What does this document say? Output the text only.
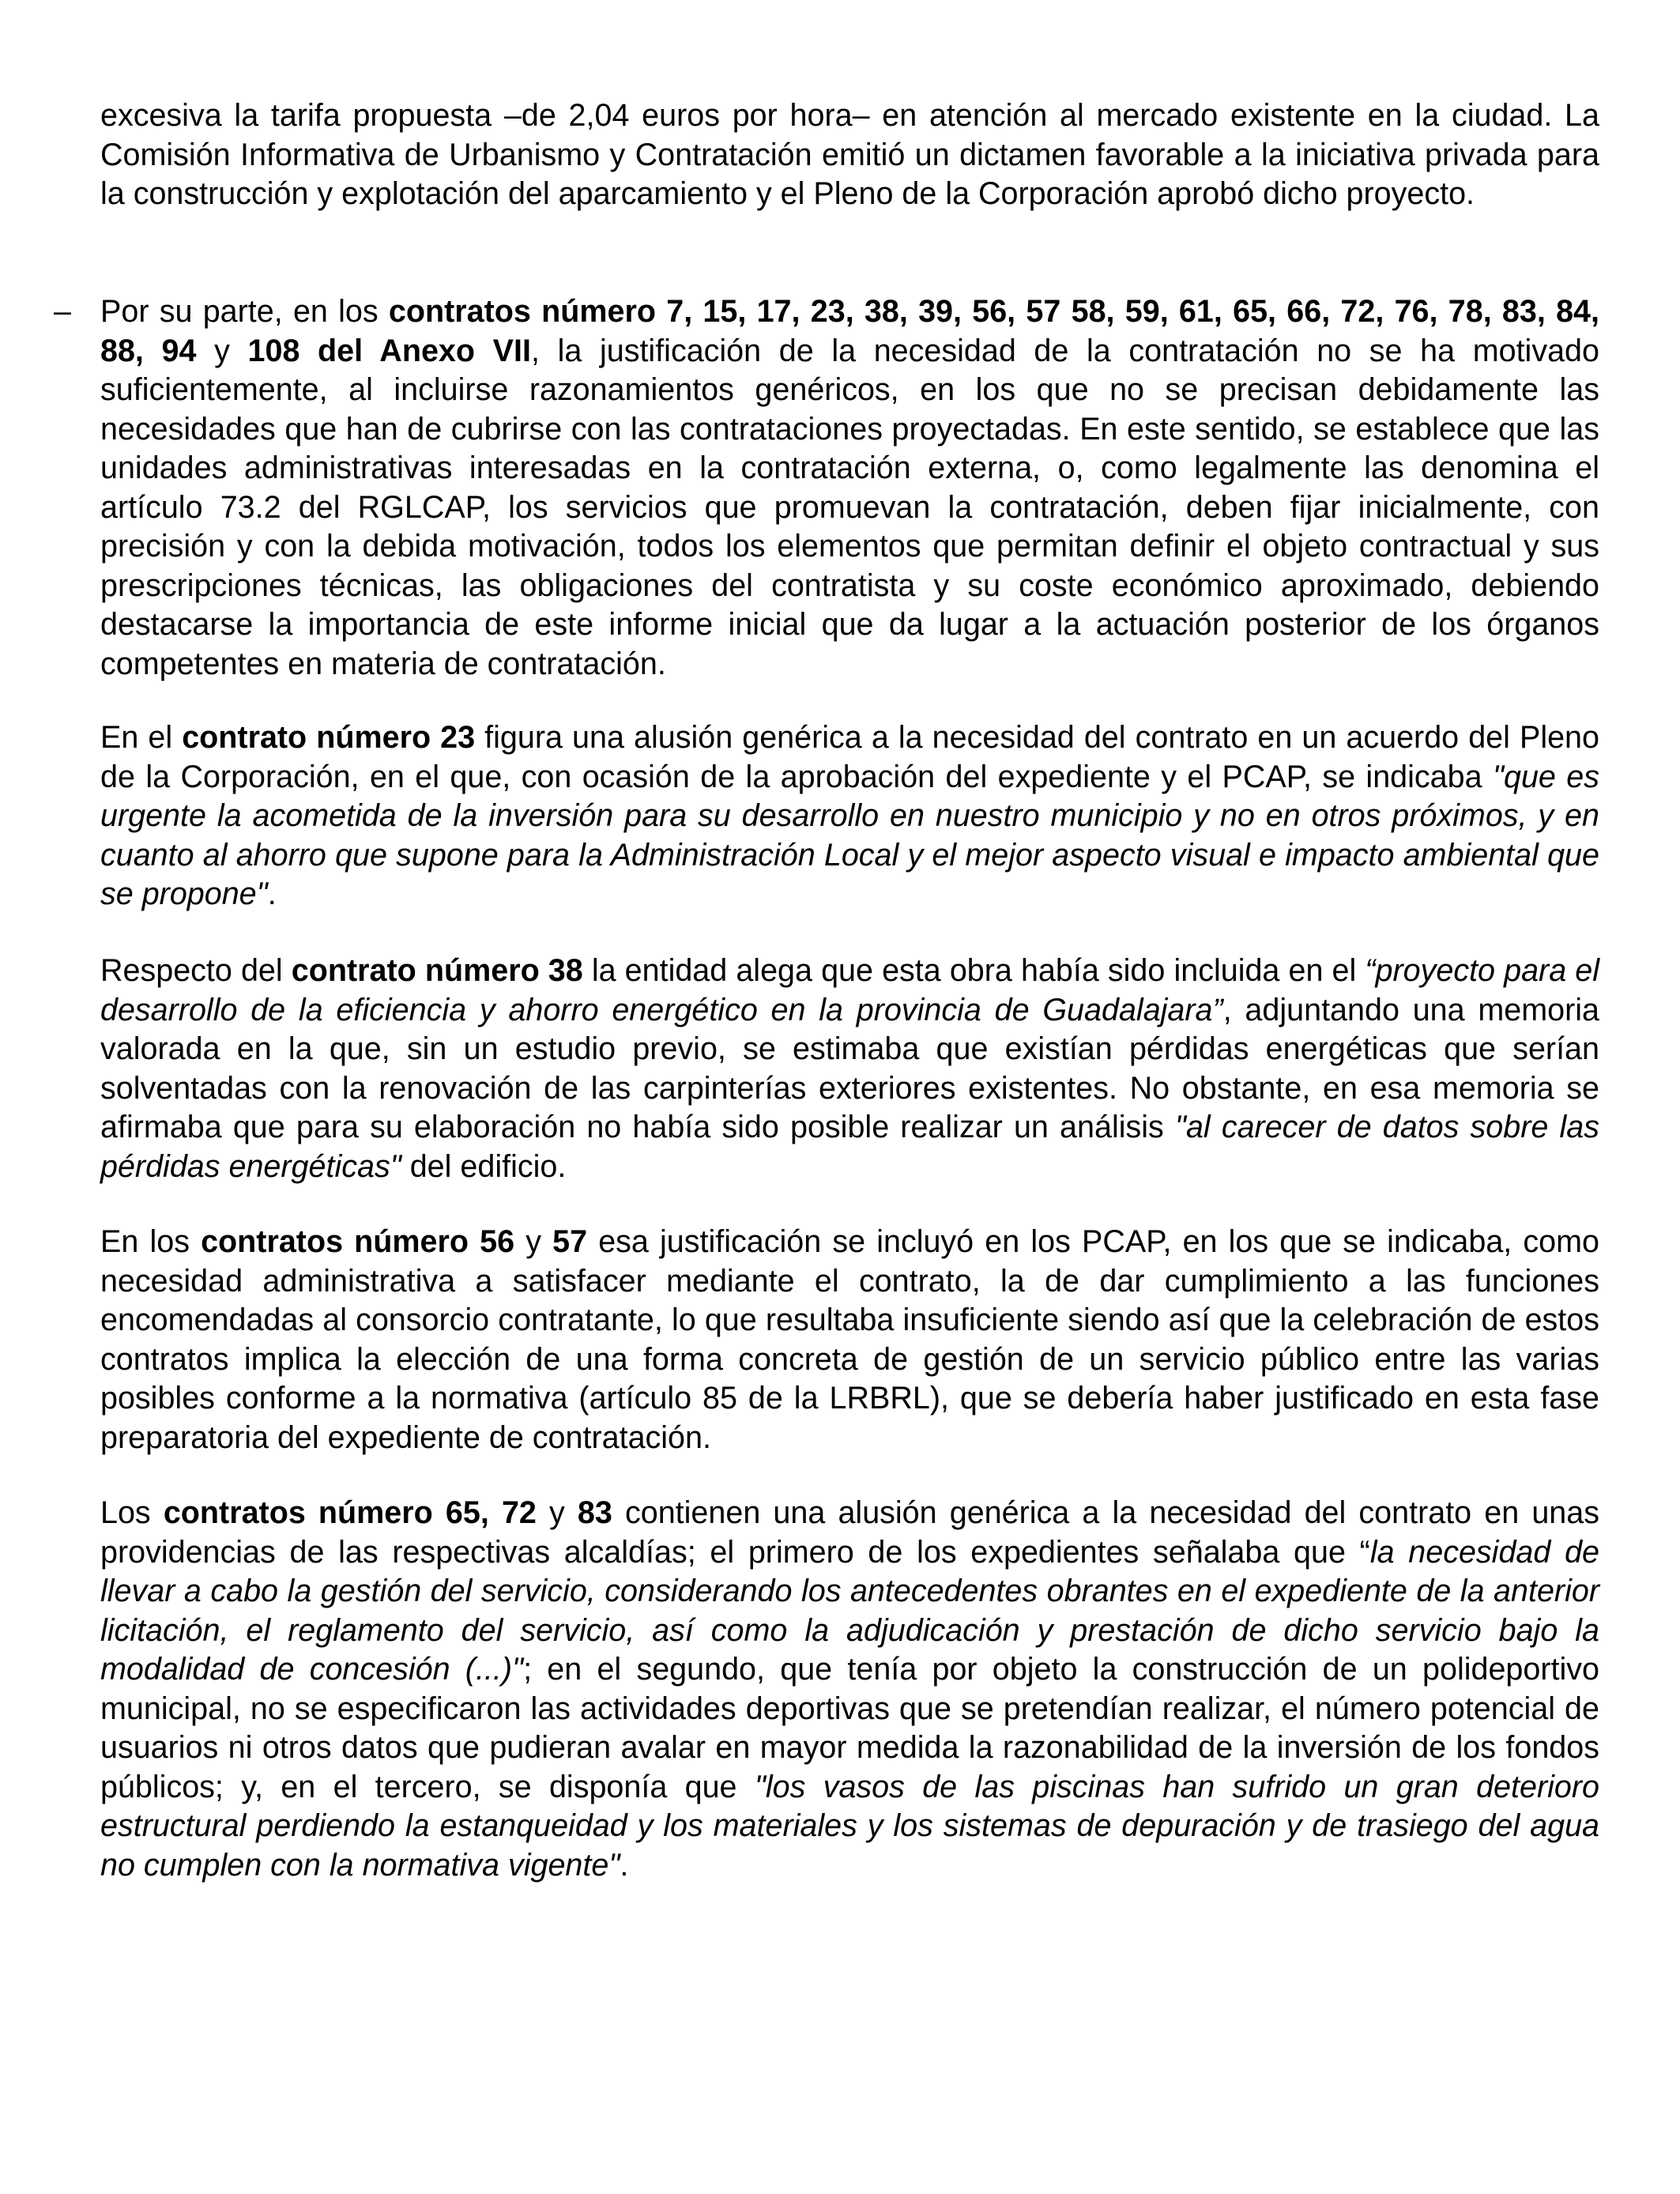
excesiva la tarifa propuesta –de 2,04 euros por hora– en atención al mercado existente en la ciudad. La Comisión Informativa de Urbanismo y Contratación emitió un dictamen favorable a la iniciativa privada para la construcción y explotación del aparcamiento y el Pleno de la Corporación aprobó dicho proyecto.

– Por su parte, en los contratos número 7, 15, 17, 23, 38, 39, 56, 57 58, 59, 61, 65, 66, 72, 76, 78, 83, 84, 88, 94 y 108 del Anexo VII, la justificación de la necesidad de la contratación no se ha motivado suficientemente, al incluirse razonamientos genéricos, en los que no se precisan debidamente las necesidades que han de cubrirse con las contrataciones proyectadas. En este sentido, se establece que las unidades administrativas interesadas en la contratación externa, o, como legalmente las denomina el artículo 73.2 del RGLCAP, los servicios que promuevan la contratación, deben fijar inicialmente, con precisión y con la debida motivación, todos los elementos que permitan definir el objeto contractual y sus prescripciones técnicas, las obligaciones del contratista y su coste económico aproximado, debiendo destacarse la importancia de este informe inicial que da lugar a la actuación posterior de los órganos competentes en materia de contratación.

En el contrato número 23 figura una alusión genérica a la necesidad del contrato en un acuerdo del Pleno de la Corporación, en el que, con ocasión de la aprobación del expediente y el PCAP, se indicaba "que es urgente la acometida de la inversión para su desarrollo en nuestro municipio y no en otros próximos, y en cuanto al ahorro que supone para la Administración Local y el mejor aspecto visual e impacto ambiental que se propone".

Respecto del contrato número 38 la entidad alega que esta obra había sido incluida en el “proyecto para el desarrollo de la eficiencia y ahorro energético en la provincia de Guadalajara”, adjuntando una memoria valorada en la que, sin un estudio previo, se estimaba que existían pérdidas energéticas que serían solventadas con la renovación de las carpinterías exteriores existentes. No obstante, en esa memoria se afirmaba que para su elaboración no había sido posible realizar un análisis "al carecer de datos sobre las pérdidas energéticas" del edificio.

En los contratos número 56 y 57 esa justificación se incluyó en los PCAP, en los que se indicaba, como necesidad administrativa a satisfacer mediante el contrato, la de dar cumplimiento a las funciones encomendadas al consorcio contratante, lo que resultaba insuficiente siendo así que la celebración de estos contratos implica la elección de una forma concreta de gestión de un servicio público entre las varias posibles conforme a la normativa (artículo 85 de la LRBRL), que se debería haber justificado en esta fase preparatoria del expediente de contratación.

Los contratos número 65, 72 y 83 contienen una alusión genérica a la necesidad del contrato en unas providencias de las respectivas alcaldías; el primero de los expedientes señalaba que “la necesidad de llevar a cabo la gestión del servicio, considerando los antecedentes obrantes en el expediente de la anterior licitación, el reglamento del servicio, así como la adjudicación y prestación de dicho servicio bajo la modalidad de concesión (...)"; en el segundo, que tenía por objeto la construcción de un polideportivo municipal, no se especificaron las actividades deportivas que se pretendían realizar, el número potencial de usuarios ni otros datos que pudieran avalar en mayor medida la razonabilidad de la inversión de los fondos públicos; y, en el tercero, se disponía que "los vasos de las piscinas han sufrido un gran deterioro estructural perdiendo la estanqueidad y los materiales y los sistemas de depuración y de trasiego del agua no cumplen con la normativa vigente".
